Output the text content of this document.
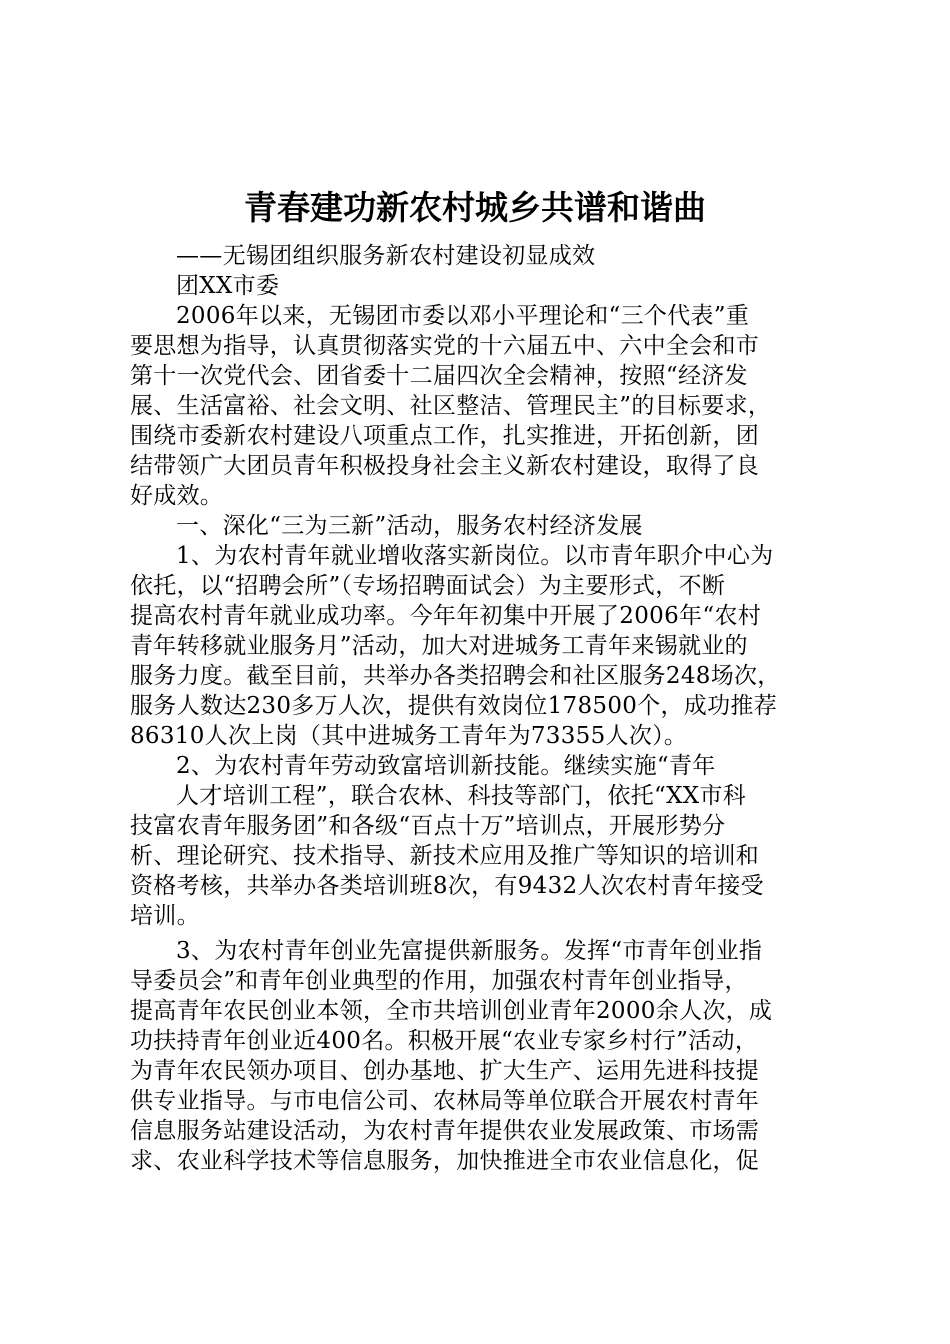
青春建功新农村城乡共谱和谐曲
——无锡团组织服务新农村建设初显成效
团XX市委
2006年以来，无锡团市委以邓小平理论和“三个代表”重
要思想为指导，认真贯彻落实党的十六届五中、六中全会和市
第十一次党代会、团省委十二届四次全会精神，按照“经济发
展、生活富裕、社会文明、社区整洁、管理民主”的目标要求，
围绕市委新农村建设八项重点工作，扎实推进，开拓创新，团
结带领广大团员青年积极投身社会主义新农村建设，取得了良
好成效。
一、深化“三为三新”活动，服务农村经济发展
1、为农村青年就业增收落实新岗位。以市青年职介中心为
依托，以“招聘会所”（专场招聘面试会）为主要形式，不断
提高农村青年就业成功率。今年年初集中开展了2006年“农村
青年转移就业服务月”活动，加大对进城务工青年来锡就业的
服务力度。截至目前，共举办各类招聘会和社区服务248场次，
服务人数达230多万人次，提供有效岗位178500个，成功推荐
86310人次上岗（其中进城务工青年为73355人次）。
2、为农村青年劳动致富培训新技能。继续实施“青年
人才培训工程”，联合农林、科技等部门，依托“XX市科
技富农青年服务团”和各级“百点十万”培训点，开展形势分
析、理论研究、技术指导、新技术应用及推广等知识的培训和
资格考核，共举办各类培训班8次，有9432人次农村青年接受
培训。
3、为农村青年创业先富提供新服务。发挥“市青年创业指
导委员会”和青年创业典型的作用，加强农村青年创业指导，
提高青年农民创业本领，全市共培训创业青年2000余人次，成
功扶持青年创业近400名。积极开展“农业专家乡村行”活动，
为青年农民领办项目、创办基地、扩大生产、运用先进科技提
供专业指导。与市电信公司、农林局等单位联合开展农村青年
信息服务站建设活动，为农村青年提供农业发展政策、市场需
求、农业科学技术等信息服务，加快推进全市农业信息化，促
